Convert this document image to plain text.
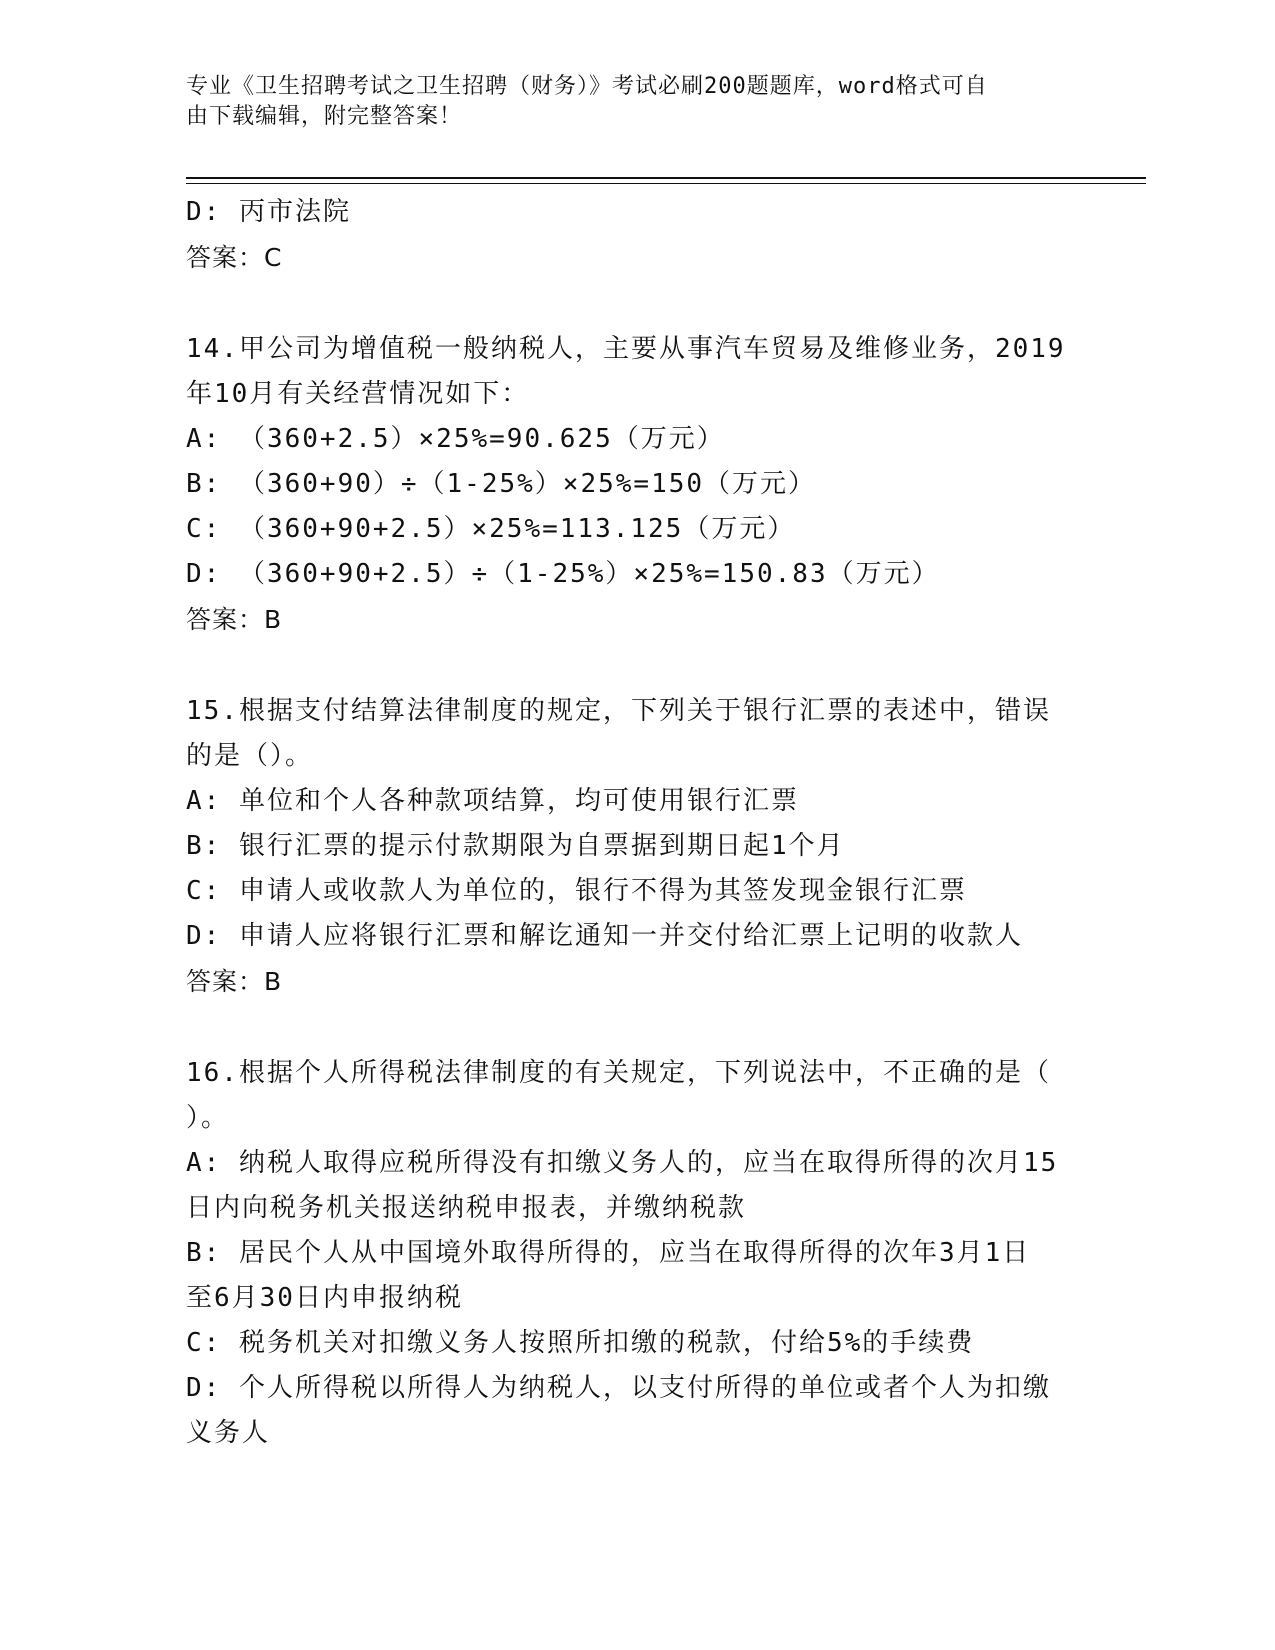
专业《卫生招聘考试之卫生招聘（财务）》考试必刷200题题库，word格式可自
由下载编辑，附完整答案！
D: 丙市法院
答案：C
14.甲公司为增值税一般纳税人，主要从事汽车贸易及维修业务，2019
年10月有关经营情况如下：
A: （360+2.5）×25%=90.625（万元）
B: （360+90）÷（1-25%）×25%=150（万元）
C: （360+90+2.5）×25%=113.125（万元）
D: （360+90+2.5）÷（1-25%）×25%=150.83（万元）
答案：B
15.根据支付结算法律制度的规定，下列关于银行汇票的表述中，错误
的是（）。
A: 单位和个人各种款项结算，均可使用银行汇票
B: 银行汇票的提示付款期限为自票据到期日起1个月
C: 申请人或收款人为单位的，银行不得为其签发现金银行汇票
D: 申请人应将银行汇票和解讫通知一并交付给汇票上记明的收款人
答案：B
16.根据个人所得税法律制度的有关规定，下列说法中，不正确的是（
）。
A: 纳税人取得应税所得没有扣缴义务人的，应当在取得所得的次月15
日内向税务机关报送纳税申报表，并缴纳税款
B: 居民个人从中国境外取得所得的，应当在取得所得的次年3月1日
至6月30日内申报纳税
C: 税务机关对扣缴义务人按照所扣缴的税款，付给5%的手续费
D: 个人所得税以所得人为纳税人，以支付所得的单位或者个人为扣缴
义务人
